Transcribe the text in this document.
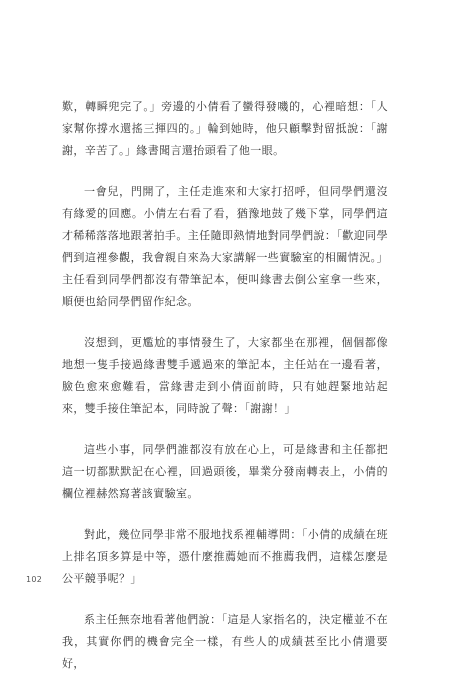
歎，轉瞬兜完了。」旁邊的小倩看了蠻得發嘰的，心裡暗想：「人家幫你撐水還搖三揮四的。」輪到她時，他只顧擊對留抵說：「謝謝，辛苦了。」緣書聞言還抬頭看了他一眼。

一會兒，門開了，主任走進來和大家打招呼，但同學們還沒有緣愛的回應。小倩左右看了看，猶豫地鼓了幾下掌，同學們這才稀稀落落地跟著拍手。主任隨即熱情地對同學們說：「歡迎同學們到這裡參觀，我會親自來為大家講解一些實驗室的相關情況。」主任看到同學們都沒有帶筆記本，便叫緣書去倒公室拿一些來，順便也給同學們留作紀念。

沒想到，更尷尬的事情發生了，大家都坐在那裡，個個都像地想一隻手接過緣書雙手遞過來的筆記本，主任站在一邊看著，臉色愈來愈難看，當緣書走到小倩面前時，只有她趕緊地站起來，雙手接住筆記本，同時說了聲：「謝謝！」

這些小事，同學們誰都沒有放在心上，可是緣書和主任都把這一切都默默記在心裡，回過頭後，畢業分發南轉表上，小倩的欄位裡赫然寫著該實驗室。

對此，幾位同學非常不服地找系裡輔導問：「小倩的成績在班上排名頂多算是中等，憑什麼推薦她而不推薦我們，這樣怎麼是公平競爭呢？」

系主任無奈地看著他們說：「這是人家指名的，決定權並不在我，其實你們的機會完全一樣，有些人的成績甚至比小倩還要好，

102
